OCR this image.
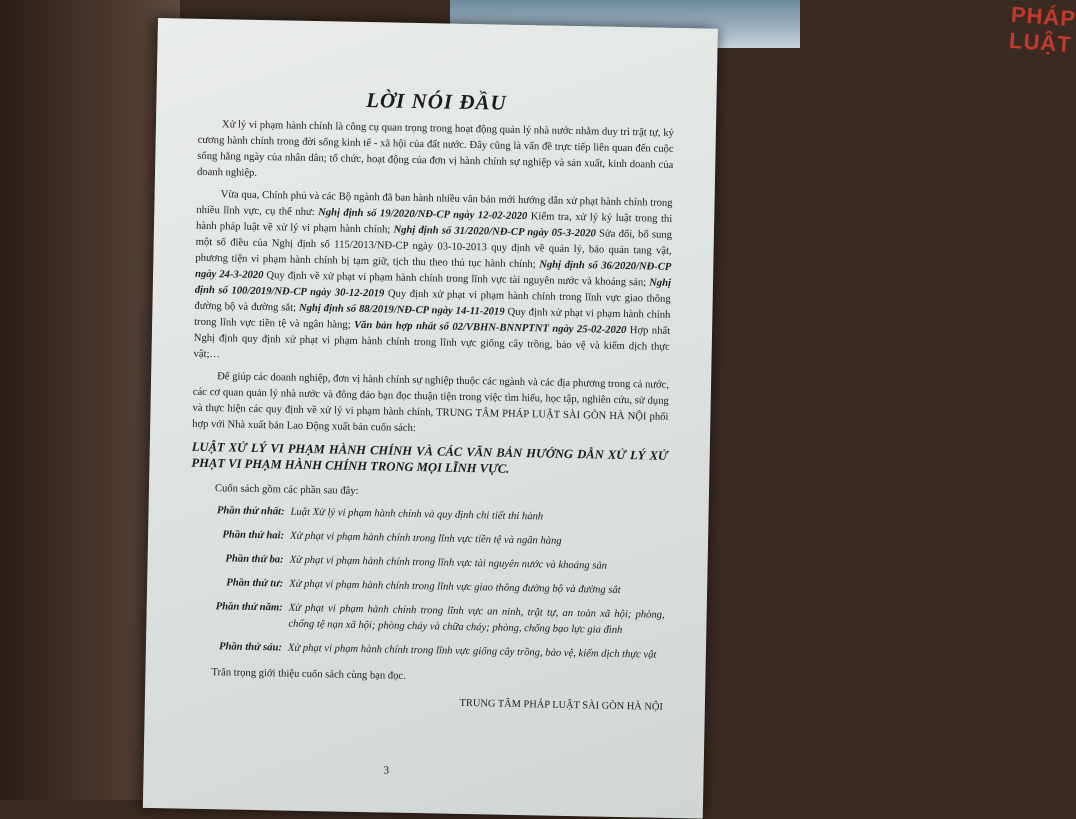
PHÁP LUẬT
LỜI NÓI ĐẦU

Xử lý vi phạm hành chính là công cụ quan trọng trong hoạt động quản lý nhà nước nhằm duy trì trật tự, kỷ cương hành chính trong đời sống kinh tế - xã hội của đất nước. Đây cũng là vấn đề trực tiếp liên quan đến cuộc sống hằng ngày của nhân dân; tổ chức, hoạt động của đơn vị hành chính sự nghiệp và sản xuất, kinh doanh của doanh nghiệp.

Vừa qua, Chính phủ và các Bộ ngành đã ban hành nhiều văn bản mới hướng dẫn xử phạt hành chính trong nhiều lĩnh vực, cụ thể như: Nghị định số 19/2020/NĐ-CP ngày 12-02-2020 Kiểm tra, xử lý kỷ luật trong thi hành pháp luật về xử lý vi phạm hành chính; Nghị định số 31/2020/NĐ-CP ngày 05-3-2020 Sửa đổi, bổ sung một số điều của Nghị định số 115/2013/NĐ-CP ngày 03-10-2013 quy định về quản lý, bảo quản tang vật, phương tiện vi phạm hành chính bị tạm giữ, tịch thu theo thủ tục hành chính; Nghị định số 36/2020/NĐ-CP ngày 24-3-2020 Quy định về xử phạt vi phạm hành chính trong lĩnh vực tài nguyên nước và khoáng sản; Nghị định số 100/2019/NĐ-CP ngày 30-12-2019 Quy định xử phạt vi phạm hành chính trong lĩnh vực giao thông đường bộ và đường sắt; Nghị định số 88/2019/NĐ-CP ngày 14-11-2019 Quy định xử phạt vi phạm hành chính trong lĩnh vực tiền tệ và ngân hàng; Văn bản hợp nhất số 02/VBHN-BNNPTNT ngày 25-02-2020 Hợp nhất Nghị định quy định xử phạt vi phạm hành chính trong lĩnh vực giống cây trồng, bảo vệ và kiểm dịch thực vật;…

Để giúp các doanh nghiệp, đơn vị hành chính sự nghiệp thuộc các ngành và các địa phương trong cả nước, các cơ quan quản lý nhà nước và đông đảo bạn đọc thuận tiện trong việc tìm hiểu, học tập, nghiên cứu, sử dụng và thực hiện các quy định về xử lý vi phạm hành chính, TRUNG TÂM PHÁP LUẬT SÀI GÒN HÀ NỘI phối hợp với Nhà xuất bản Lao Động xuất bản cuốn sách:

LUẬT XỬ LÝ VI PHẠM HÀNH CHÍNH VÀ CÁC VĂN BẢN HƯỚNG DẪN XỬ LÝ XỬ PHẠT VI PHẠM HÀNH CHÍNH TRONG MỌI LĨNH VỰC.

Cuốn sách gồm các phần sau đây:

Phần thứ nhất: Luật Xử lý vi phạm hành chính và quy định chi tiết thi hành
Phần thứ hai: Xử phạt vi phạm hành chính trong lĩnh vực tiền tệ và ngân hàng
Phần thứ ba: Xử phạt vi phạm hành chính trong lĩnh vực tài nguyên nước và khoáng sản
Phần thứ tư: Xử phạt vi phạm hành chính trong lĩnh vực giao thông đường bộ và đường sắt
Phần thứ năm: Xử phạt vi phạm hành chính trong lĩnh vực an ninh, trật tự, an toàn xã hội; phòng, chống tệ nạn xã hội; phòng cháy và chữa cháy; phòng, chống bạo lực gia đình
Phần thứ sáu: Xử phạt vi phạm hành chính trong lĩnh vực giống cây trồng, bảo vệ, kiểm dịch thực vật

Trân trọng giới thiệu cuốn sách cùng bạn đọc.

TRUNG TÂM PHÁP LUẬT SÀI GÒN HÀ NỘI
3
